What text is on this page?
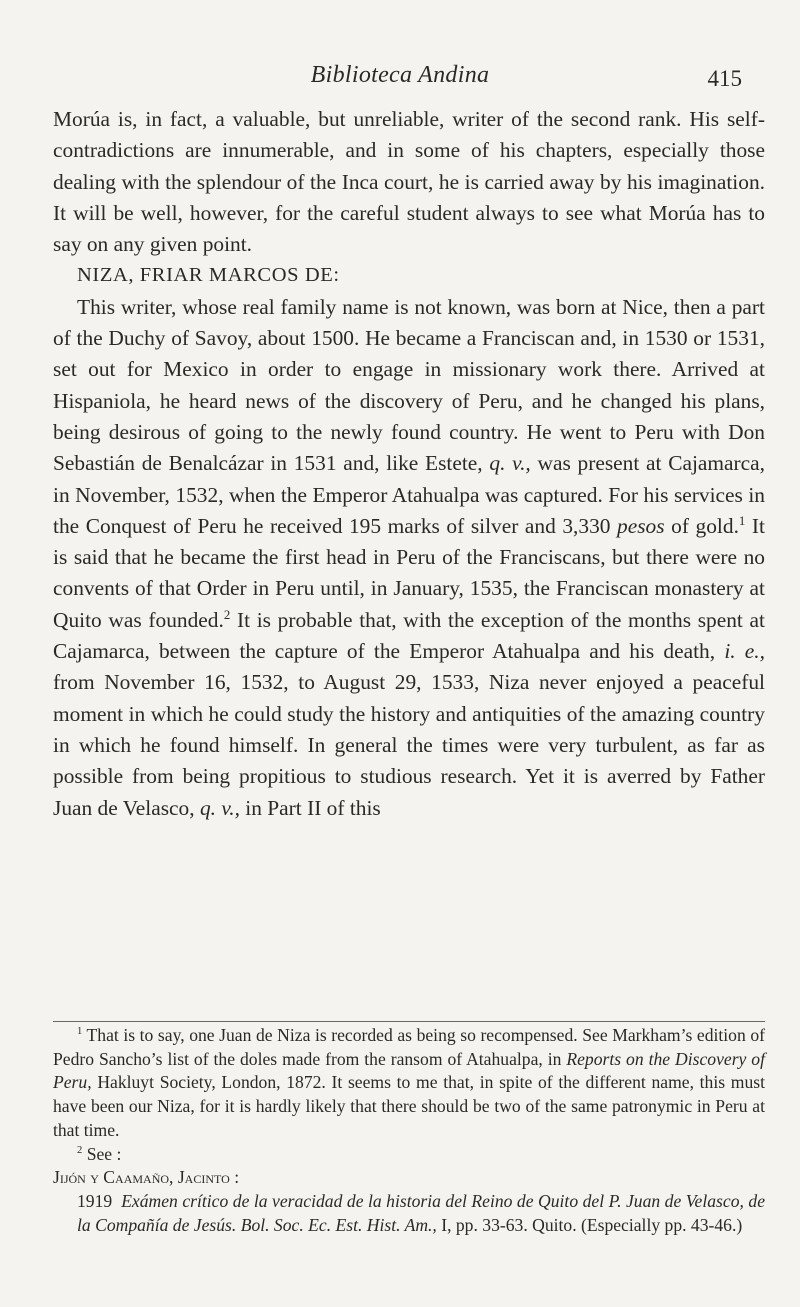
Biblioteca Andina	415

Morúa is, in fact, a valuable, but unreliable, writer of the second rank. His self-contradictions are innumerable, and in some of his chapters, especially those dealing with the splendour of the Inca court, he is carried away by his imagination. It will be well, however, for the careful student always to see what Morúa has to say on any given point.

NIZA, FRIAR MARCOS DE:

This writer, whose real family name is not known, was born at Nice, then a part of the Duchy of Savoy, about 1500. He became a Franciscan and, in 1530 or 1531, set out for Mexico in order to engage in missionary work there. Arrived at Hispaniola, he heard news of the discovery of Peru, and he changed his plans, being desirous of going to the newly found country. He went to Peru with Don Sebastián de Benalcázar in 1531 and, like Estete, q. v., was present at Cajamarca, in November, 1532, when the Emperor Atahualpa was captured. For his services in the Conquest of Peru he received 195 marks of silver and 3,330 pesos of gold.$^1$ It is said that he became the first head in Peru of the Franciscans, but there were no convents of that Order in Peru until, in January, 1535, the Franciscan monastery at Quito was founded.$^2$ It is probable that, with the exception of the months spent at Cajamarca, between the capture of the Emperor Atahualpa and his death, i. e., from November 16, 1532, to August 29, 1533, Niza never enjoyed a peaceful moment in which he could study the history and antiquities of the amazing country in which he found himself. In general the times were very turbulent, as far as possible from being propitious to studious research. Yet it is averred by Father Juan de Velasco, q. v., in Part II of this

$^1$ That is to say, one Juan de Niza is recorded as being so recompensed. See Markham’s edition of Pedro Sancho’s list of the doles made from the ransom of Atahualpa, in Reports on the Discovery of Peru, Hakluyt Society, London, 1872. It seems to me that, in spite of the different name, this must have been our Niza, for it is hardly likely that there should be two of the same patronymic in Peru at that time.

$^2$ See :

Jijón y Caamaño, Jacinto :

1919 Exámen crítico de la veracidad de la historia del Reino de Quito del P. Juan de Velasco, de la Compañía de Jesús. Bol. Soc. Ec. Est. Hist. Am., I, pp. 33-63. Quito. (Especially pp. 43-46.)
